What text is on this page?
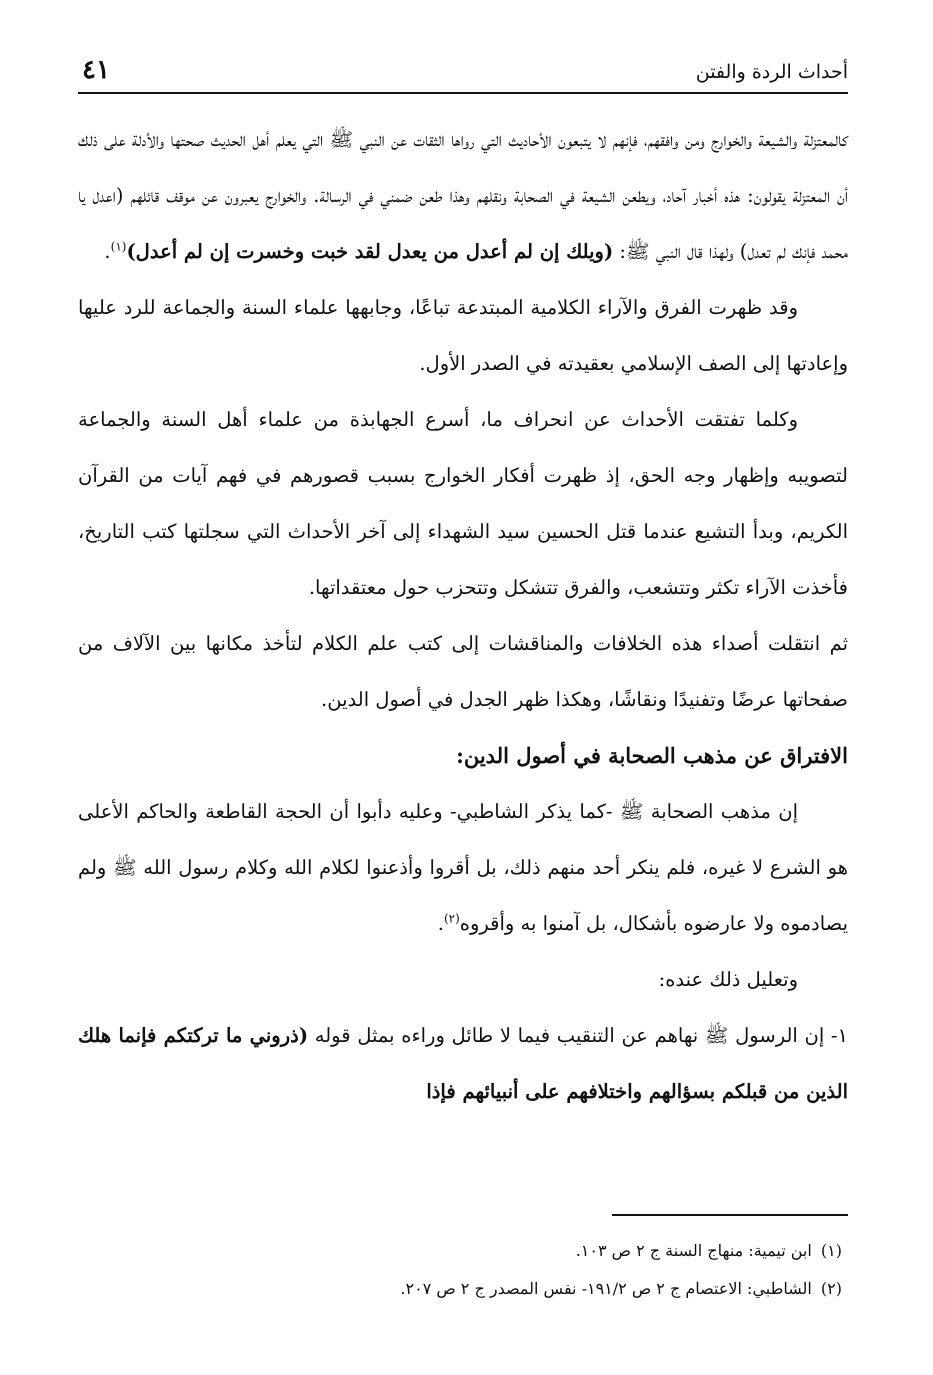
أحداث الردة والفتن
٤١

كالمعتزلة والشيعة والخوارج ومن وافقهم، فإنهم لا يتبعون الأحاديث التي رواها الثقات عن النبي ﷺ التي يعلم أهل الحديث صحتها والأدلة على ذلك أن المعتزلة يقولون: هذه أخبار آحاد، ويطعن الشيعة في الصحابة ونقلهم وهذا طعن ضمني في الرسالة. والخوارج يعبرون عن موقف قائلهم (اعدل يا محمد فإنك لم تعدل) ولهذا قال النبي ﷺ: (ويلك إن لم أعدل من يعدل لقد خبت وخسرت إن لم أعدل)$^{(١)}$.

وقد ظهرت الفرق والآراء الكلامية المبتدعة تباعًا، وجابهها علماء السنة والجماعة للرد عليها وإعادتها إلى الصف الإسلامي بعقيدته في الصدر الأول.

وكلما تفتقت الأحداث عن انحراف ما، أسرع الجهابذة من علماء أهل السنة والجماعة لتصويبه وإظهار وجه الحق، إذ ظهرت أفكار الخوارج بسبب قصورهم في فهم آيات من القرآن الكريم، وبدأ التشيع عندما قتل الحسين سيد الشهداء إلى آخر الأحداث التي سجلتها كتب التاريخ، فأخذت الآراء تكثر وتتشعب، والفرق تتشكل وتتحزب حول معتقداتها.

ثم انتقلت أصداء هذه الخلافات والمناقشات إلى كتب علم الكلام لتأخذ مكانها بين الآلاف من صفحاتها عرضًا وتفنيدًا ونقاشًا، وهكذا ظهر الجدل في أصول الدين.

الافتراق عن مذهب الصحابة في أصول الدين:

إن مذهب الصحابة ﷺ -كما يذكر الشاطبي- وعليه دأبوا أن الحجة القاطعة والحاكم الأعلى هو الشرع لا غيره، فلم ينكر أحد منهم ذلك، بل أقروا وأذعنوا لكلام الله وكلام رسول الله ﷺ ولم يصادموه ولا عارضوه بأشكال، بل آمنوا به وأقروه$^{(٢)}$.

وتعليل ذلك عنده:

١- إن الرسول ﷺ نهاهم عن التنقيب فيما لا طائل وراءه بمثل قوله (ذروني ما تركتكم فإنما هلك الذين من قبلكم بسؤالهم واختلافهم على أنبيائهم فإذا

(١) ابن تيمية: منهاج السنة ج ٢ ص ١٠٣.

(٢) الشاطبي: الاعتصام ج ٢ ص ١٩١/٢- نفس المصدر ج ٢ ص ٢٠٧.
